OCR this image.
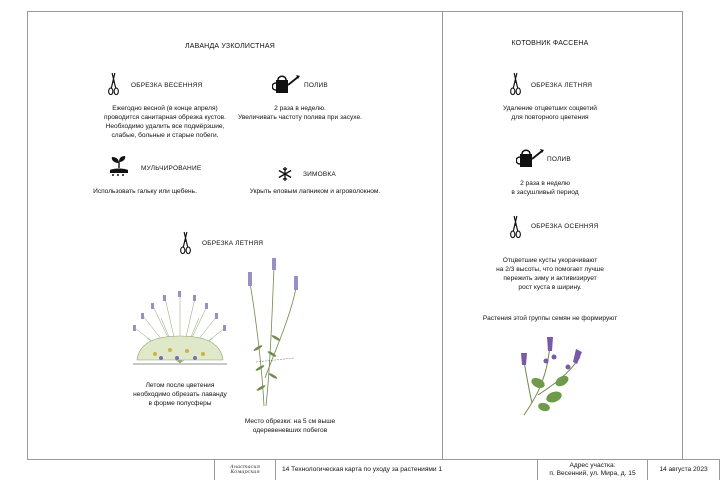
ЛАВАНДА УЗКОЛИСТНАЯ
ОБРЕЗКА ВЕСЕННЯЯ
Ежегодно весной (в конце апреля)
проводится санитарная обрезка кустов.
Необходимо удалить все подмёрзшие,
слабые, больные и старые побеги.
ПОЛИВ
2 раза в неделю.
Увеличивать частоту полива при засухе.
МУЛЬЧИРОВАНИЕ
Использовать гальку или щебень.
ЗИМОВКА
Укрыть еловым лапником и агроволокном.
ОБРЕЗКА ЛЕТНЯЯ
Летом после цветения
необходимо обрезать лаванду
в форме полусферы
Место обрезки: на 5 см выше
одеревеневших побегов
КОТОВНИК ФАССЕНА
ОБРЕЗКА ЛЕТНЯЯ
Удаление отцветших соцветий
для повторного цветения
ПОЛИВ
2 раза в неделю
в засушливый период
ОБРЕЗКА ОСЕННЯЯ
Отцветшие кусты укорачивают
на 2/3 высоты, что помогает лучше
пережить зиму и активизирует
рост куста в ширину.
Растения этой группы семян не формируют
Анастасия Комарская	14 Технологическая карта по уходу за растениями 1
Адрес участка:
п. Весенний, ул. Мира, д. 15
14 августа 2023
